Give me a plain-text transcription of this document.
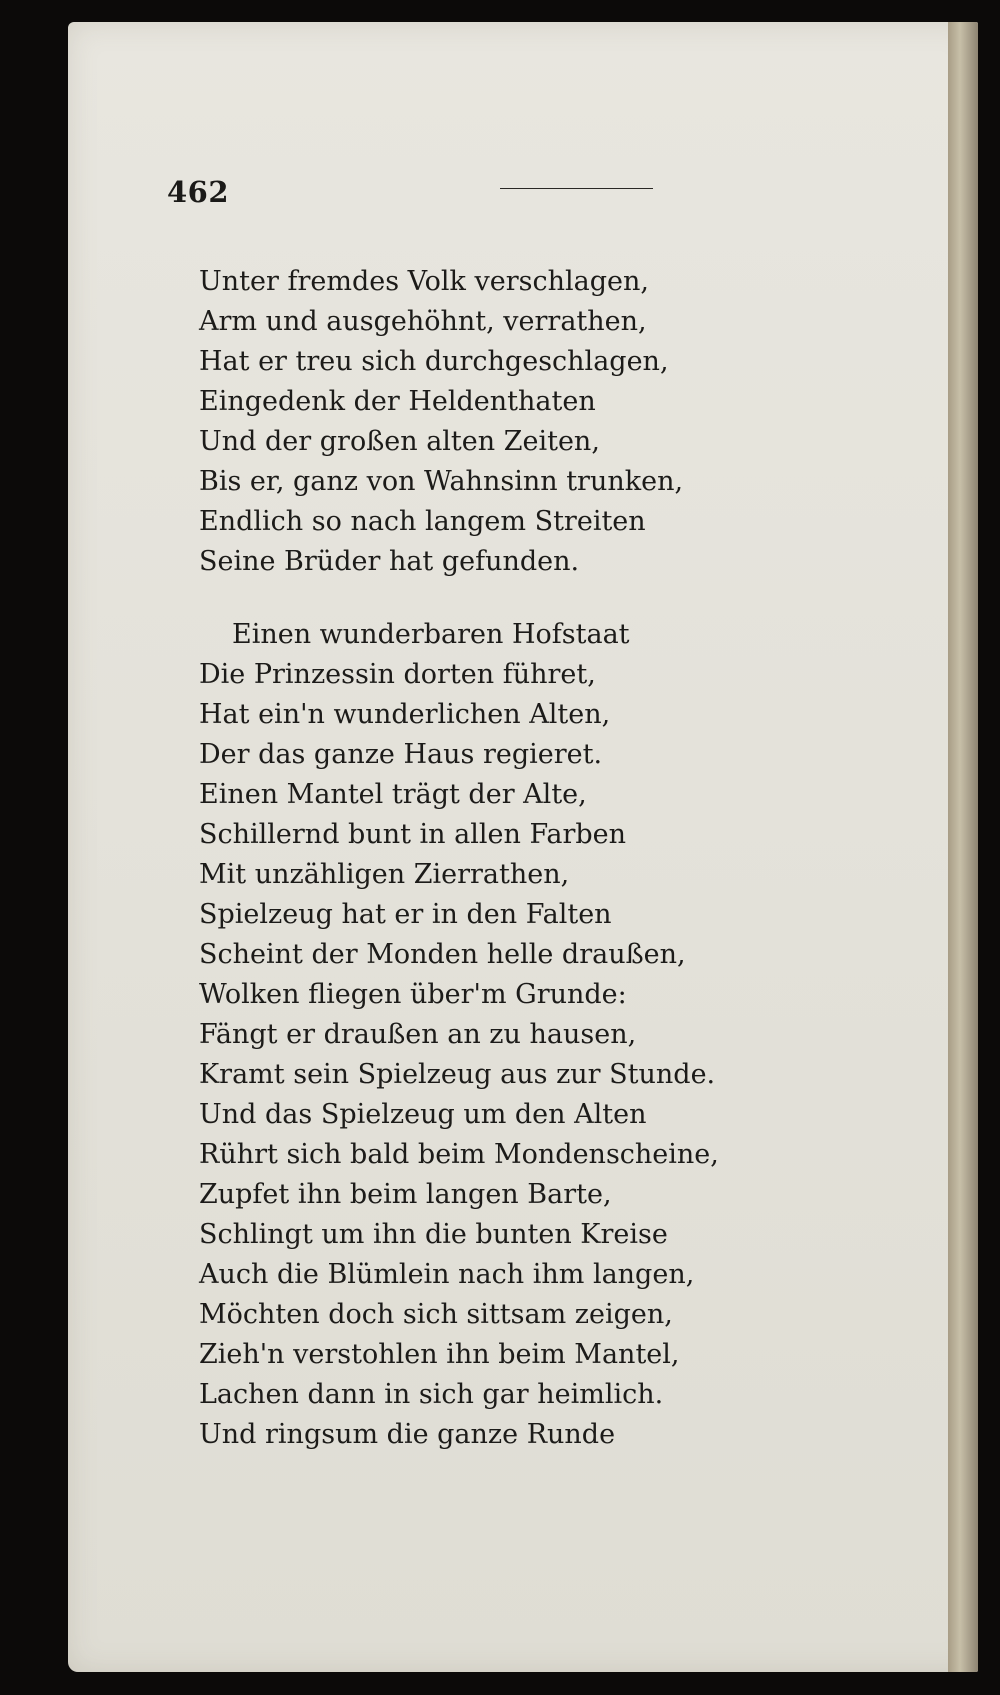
462
Unter fremdes Volk verschlagen,
Arm und ausgehöhnt, verrathen,
Hat er treu sich durchgeschlagen,
Eingedenk der Heldenthaten
Und der großen alten Zeiten,
Bis er, ganz von Wahnsinn trunken,
Endlich so nach langem Streiten
Seine Brüder hat gefunden.
Einen wunderbaren Hofstaat
Die Prinzessin dorten führet,
Hat ein'n wunderlichen Alten,
Der das ganze Haus regieret.
Einen Mantel trägt der Alte,
Schillernd bunt in allen Farben
Mit unzähligen Zierrathen,
Spielzeug hat er in den Falten
Scheint der Monden helle draußen,
Wolken fliegen über'm Grunde:
Fängt er draußen an zu hausen,
Kramt sein Spielzeug aus zur Stunde.
Und das Spielzeug um den Alten
Rührt sich bald beim Mondenscheine,
Zupfet ihn beim langen Barte,
Schlingt um ihn die bunten Kreise
Auch die Blümlein nach ihm langen,
Möchten doch sich sittsam zeigen,
Zieh'n verstohlen ihn beim Mantel,
Lachen dann in sich gar heimlich.
Und ringsum die ganze Runde
